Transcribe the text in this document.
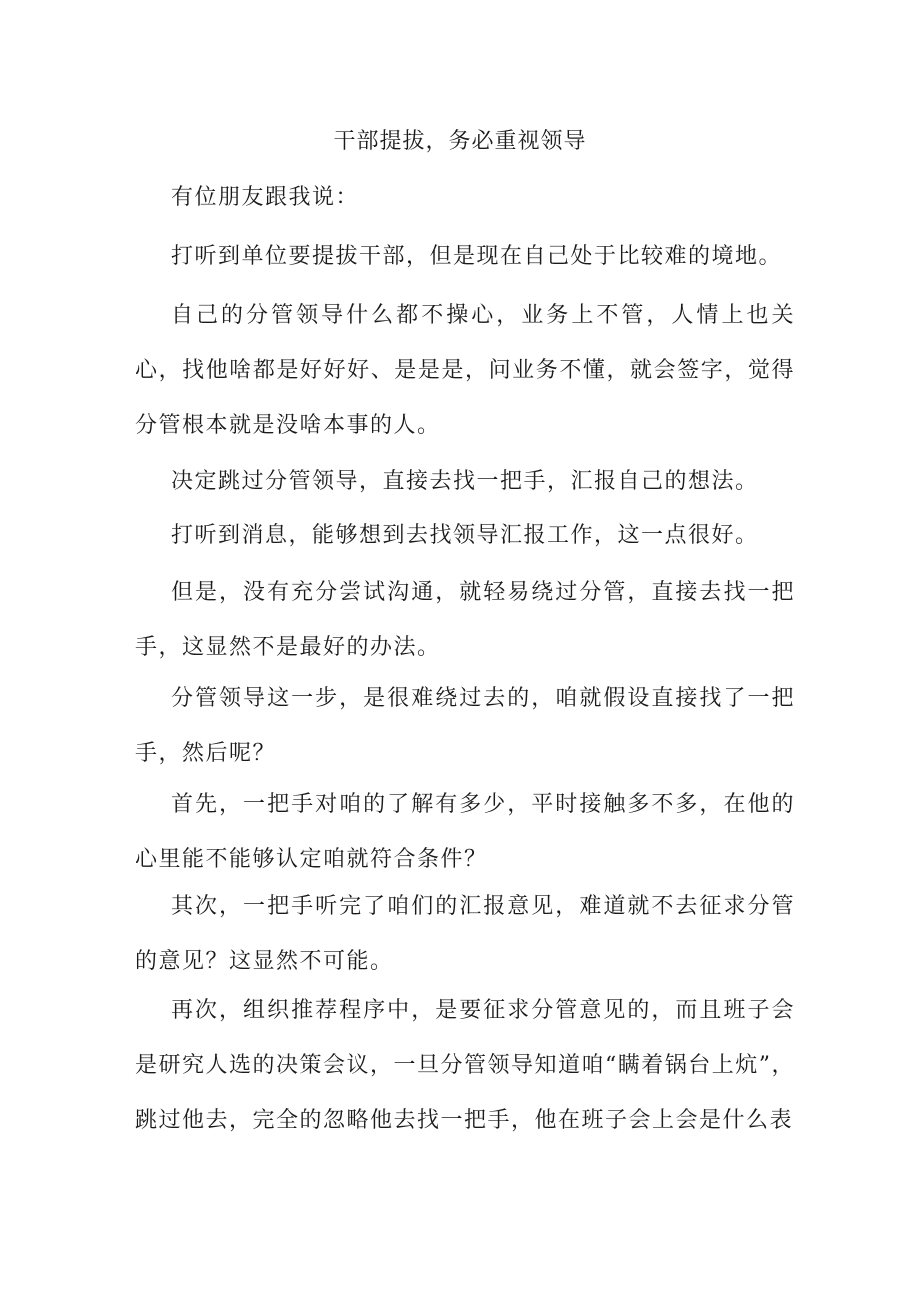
干部提拔，务必重视领导

有位朋友跟我说：

打听到单位要提拔干部，但是现在自己处于比较难的境地。

自己的分管领导什么都不操心，业务上不管，人情上也关心，找他啥都是好好好、是是是，问业务不懂，就会签字，觉得分管根本就是没啥本事的人。

决定跳过分管领导，直接去找一把手，汇报自己的想法。

打听到消息，能够想到去找领导汇报工作，这一点很好。

但是，没有充分尝试沟通，就轻易绕过分管，直接去找一把手，这显然不是最好的办法。

分管领导这一步，是很难绕过去的，咱就假设直接找了一把手，然后呢？

首先，一把手对咱的了解有多少，平时接触多不多，在他的心里能不能够认定咱就符合条件？

其次，一把手听完了咱们的汇报意见，难道就不去征求分管的意见？这显然不可能。

再次，组织推荐程序中，是要征求分管意见的，而且班子会是研究人选的决策会议，一旦分管领导知道咱“瞒着锅台上炕”，跳过他去，完全的忽略他去找一把手，他在班子会上会是什么表
